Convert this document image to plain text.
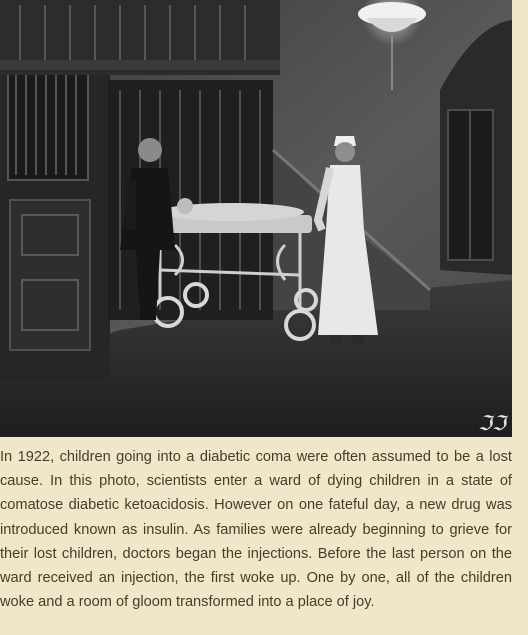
ℑℑ

In 1922, children going into a diabetic coma were often assumed to be a lost cause. In this photo, scientists enter a ward of dying children in a state of comatose diabetic ketoacidosis. However on one fateful day, a new drug was introduced known as insulin. As families were already beginning to grieve for their lost children, doctors began the injections. Before the last person on the ward received an injection, the first woke up. One by one, all of the children woke and a room of gloom transformed into a place of joy.
